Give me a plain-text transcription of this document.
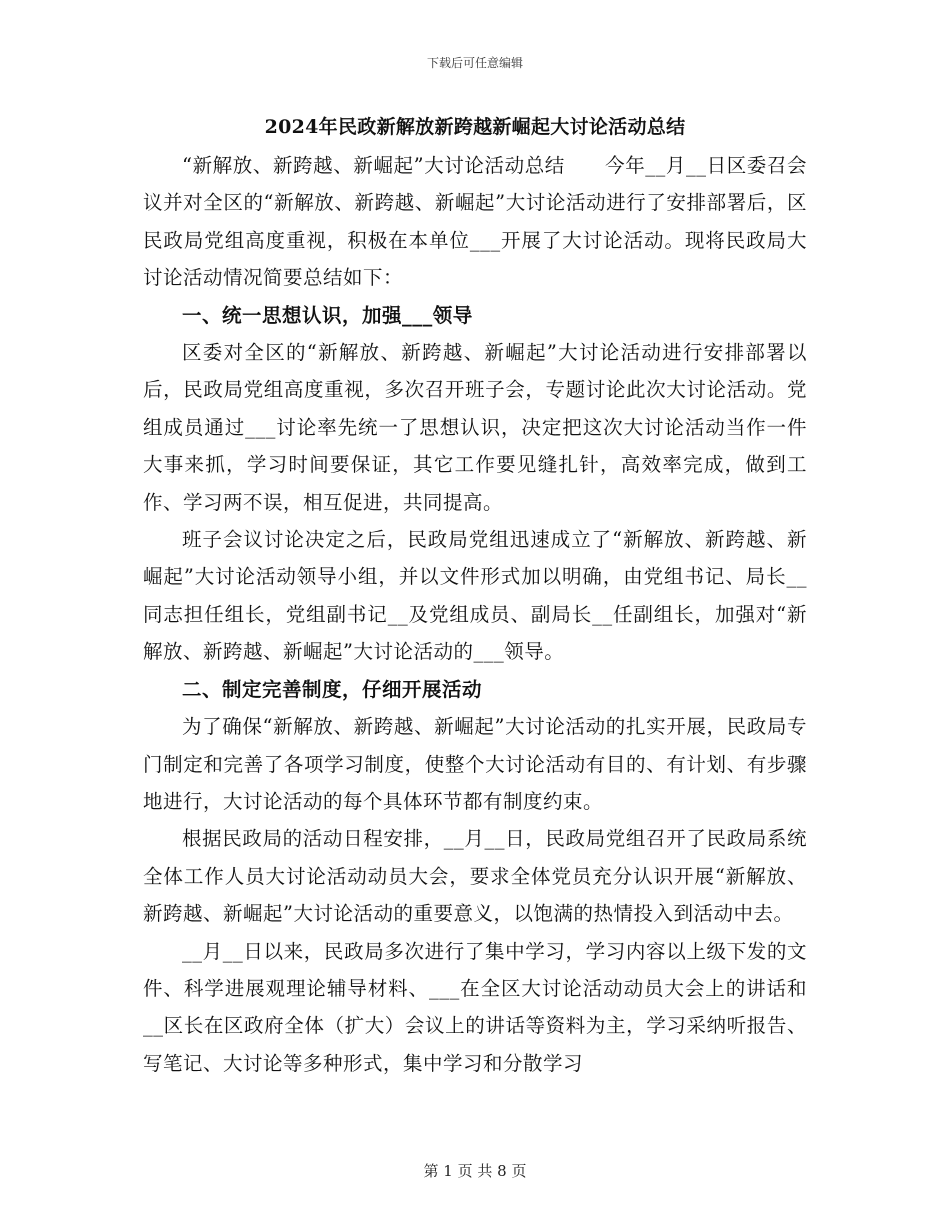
下载后可任意编辑
2024年民政新解放新跨越新崛起大讨论活动总结

“新解放、新跨越、新崛起”大讨论活动总结　　今年__月__日区委召会议并对全区的“新解放、新跨越、新崛起”大讨论活动进行了安排部署后，区民政局党组高度重视，积极在本单位___开展了大讨论活动。现将民政局大讨论活动情况简要总结如下：

一、统一思想认识，加强___领导

区委对全区的“新解放、新跨越、新崛起”大讨论活动进行安排部署以后，民政局党组高度重视，多次召开班子会，专题讨论此次大讨论活动。党组成员通过___讨论率先统一了思想认识，决定把这次大讨论活动当作一件大事来抓，学习时间要保证，其它工作要见缝扎针，高效率完成，做到工作、学习两不误，相互促进，共同提高。

班子会议讨论决定之后，民政局党组迅速成立了“新解放、新跨越、新崛起”大讨论活动领导小组，并以文件形式加以明确，由党组书记、局长__同志担任组长，党组副书记__及党组成员、副局长__任副组长，加强对“新解放、新跨越、新崛起”大讨论活动的___领导。

二、制定完善制度，仔细开展活动

为了确保“新解放、新跨越、新崛起”大讨论活动的扎实开展，民政局专门制定和完善了各项学习制度，使整个大讨论活动有目的、有计划、有步骤地进行，大讨论活动的每个具体环节都有制度约束。

根据民政局的活动日程安排，__月__日，民政局党组召开了民政局系统全体工作人员大讨论活动动员大会，要求全体党员充分认识开展“新解放、新跨越、新崛起”大讨论活动的重要意义，以饱满的热情投入到活动中去。

__月__日以来，民政局多次进行了集中学习，学习内容以上级下发的文件、科学进展观理论辅导材料、___在全区大讨论活动动员大会上的讲话和__区长在区政府全体（扩大）会议上的讲话等资料为主，学习采纳听报告、写笔记、大讨论等多种形式，集中学习和分散学习

第 1 页 共 8 页
